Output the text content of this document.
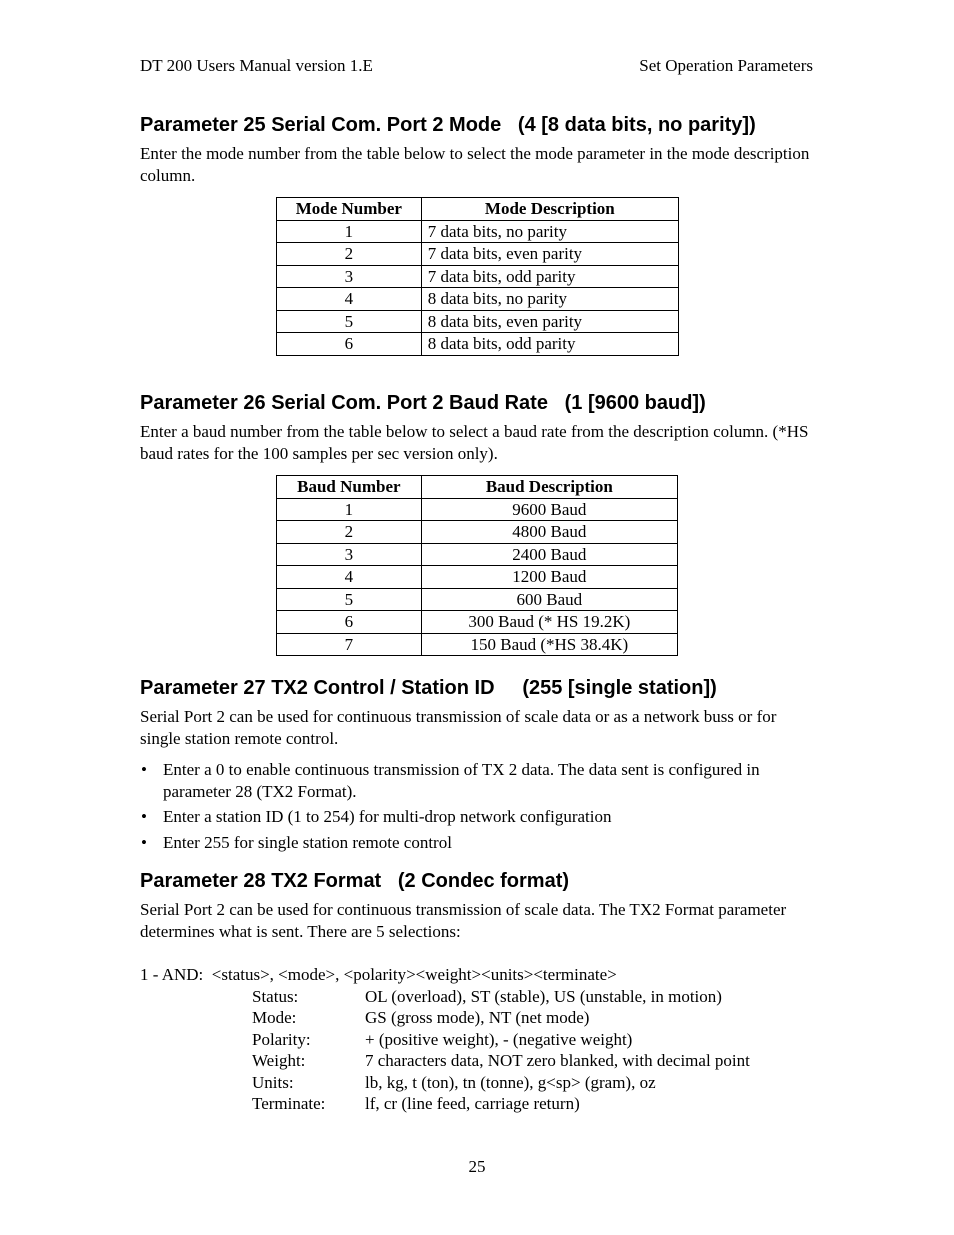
DT 200 Users Manual version 1.E	Set Operation Parameters
Parameter 25 Serial Com. Port 2 Mode   (4 [8 data bits, no parity])
Enter the mode number from the table below to select the mode parameter in the mode description column.
Mode Number	Mode Description
1	7 data bits, no parity
2	7 data bits, even parity
3	7 data bits, odd parity
4	8 data bits, no parity
5	8 data bits, even parity
6	8 data bits, odd parity
Parameter 26 Serial Com. Port 2 Baud Rate   (1 [9600 baud])
Enter a baud number from the table below to select a baud rate from the description column. (*HS baud rates for the 100 samples per sec version only).
Baud Number	Baud Description
1	9600 Baud
2	4800 Baud
3	2400 Baud
4	1200 Baud
5	600 Baud
6	300 Baud (* HS 19.2K)
7	150 Baud (*HS 38.4K)
Parameter 27 TX2 Control / Station ID     (255 [single station])
Serial Port 2 can be used for continuous transmission of scale data or as a network buss or for single station remote control.
• Enter a 0 to enable continuous transmission of TX 2 data. The data sent is configured in parameter 28 (TX2 Format).
• Enter a station ID (1 to 254) for multi-drop network configuration
• Enter 255 for single station remote control
Parameter 28 TX2 Format   (2 Condec format)
Serial Port 2 can be used for continuous transmission of scale data. The TX2 Format parameter determines what is sent. There are 5 selections:
1 - AND:  <status>, <mode>, <polarity><weight><units><terminate>
Status:	OL (overload), ST (stable), US (unstable, in motion)
Mode:	GS (gross mode), NT (net mode)
Polarity:	+ (positive weight), - (negative weight)
Weight:	7 characters data, NOT zero blanked, with decimal point
Units:	lb, kg, t (ton), tn (tonne), g<sp> (gram), oz
Terminate: lf, cr (line feed, carriage return)
25
